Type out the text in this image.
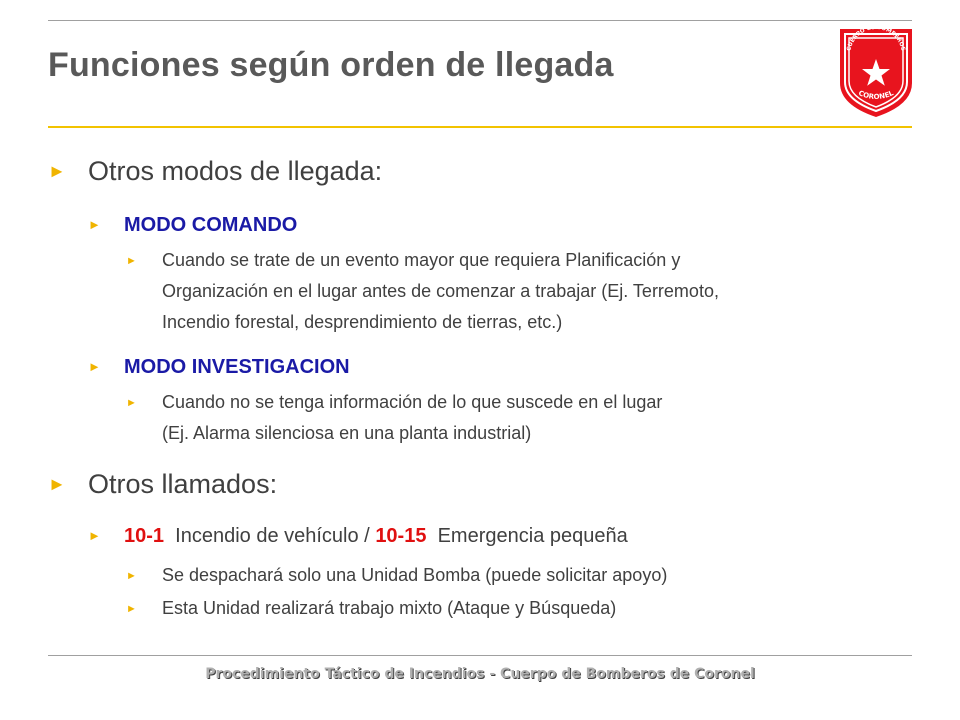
Funciones según orden de llegada	CUERPO de BOMBEROS
CORONEL
► Otros modos de llegada:
► MODO COMANDO
► Cuando se trate de un evento mayor que requiera Planificación y
Organización en el lugar antes de comenzar a trabajar (Ej. Terremoto,
Incendio forestal, desprendimiento de tierras, etc.)
► MODO INVESTIGACION
► Cuando no se tenga información de lo que suscede en el lugar
(Ej. Alarma silenciosa en una planta industrial)
► Otros llamados:
► 10-1 Incendio de vehículo / 10-15 Emergencia pequeña
► Se despachará solo una Unidad Bomba (puede solicitar apoyo)
► Esta Unidad realizará trabajo mixto (Ataque y Búsqueda)
Procedimiento Táctico de Incendios - Cuerpo de Bomberos de Coronel
